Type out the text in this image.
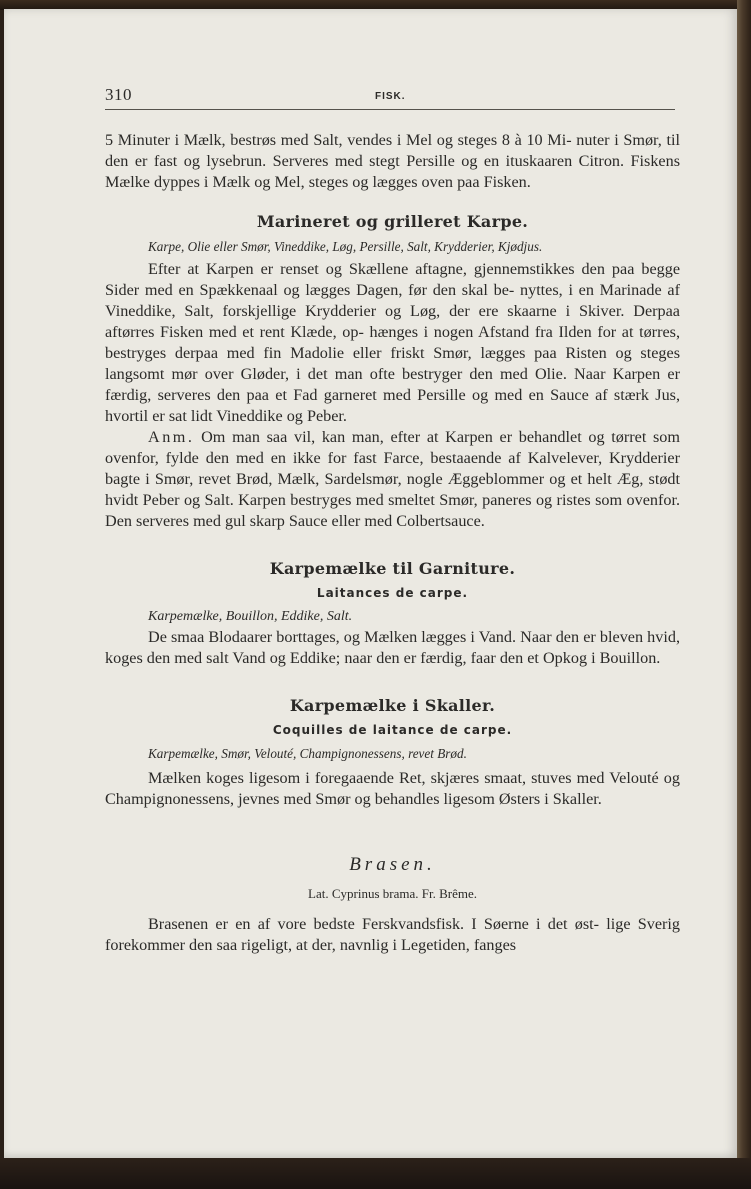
310	FISK.

5 Minuter i Mælk, bestrøs med Salt, vendes i Mel og steges 8 à 10 Mi- nuter i Smør, til den er fast og lysebrun. Serveres med stegt Persille og en ituskaaren Citron. Fiskens Mælke dyppes i Mælk og Mel, steges og lægges oven paa Fisken.

Marineret og grilleret Karpe.

Karpe, Olie eller Smør, Vineddike, Løg, Persille, Salt, Krydderier, Kjødjus.

Efter at Karpen er renset og Skællene aftagne, gjennemstikkes den paa begge Sider med en Spækkenaal og lægges Dagen, før den skal be- nyttes, i en Marinade af Vineddike, Salt, forskjellige Krydderier og Løg, der ere skaarne i Skiver. Derpaa aftørres Fisken med et rent Klæde, op- hænges i nogen Afstand fra Ilden for at tørres, bestryges derpaa med fin Madolie eller friskt Smør, lægges paa Risten og steges langsomt mør over Gløder, i det man ofte bestryger den med Olie. Naar Karpen er færdig, serveres den paa et Fad garneret med Persille og med en Sauce af stærk Jus, hvortil er sat lidt Vineddike og Peber.

Anm. Om man saa vil, kan man, efter at Karpen er behandlet og tørret som ovenfor, fylde den med en ikke for fast Farce, bestaaende af Kalvelever, Krydderier bagte i Smør, revet Brød, Mælk, Sardelsmør, nogle Æggeblommer og et helt Æg, stødt hvidt Peber og Salt. Karpen bestryges med smeltet Smør, paneres og ristes som ovenfor. Den serveres med gul skarp Sauce eller med Colbertsauce.

Karpemælke til Garniture.

Laitances de carpe.

Karpemælke, Bouillon, Eddike, Salt.

De smaa Blodaarer borttages, og Mælken lægges i Vand. Naar den er bleven hvid, koges den med salt Vand og Eddike; naar den er færdig, faar den et Opkog i Bouillon.

Karpemælke i Skaller.

Coquilles de laitance de carpe.

Karpemælke, Smør, Velouté, Champignonessens, revet Brød.

Mælken koges ligesom i foregaaende Ret, skjæres smaat, stuves med Velouté og Champignonessens, jevnes med Smør og behandles ligesom Østers i Skaller.

Brasen.

Lat. Cyprinus brama. Fr. Brême.

Brasenen er en af vore bedste Ferskvandsfisk. I Søerne i det øst- lige Sverig forekommer den saa rigeligt, at der, navnlig i Legetiden, fanges
